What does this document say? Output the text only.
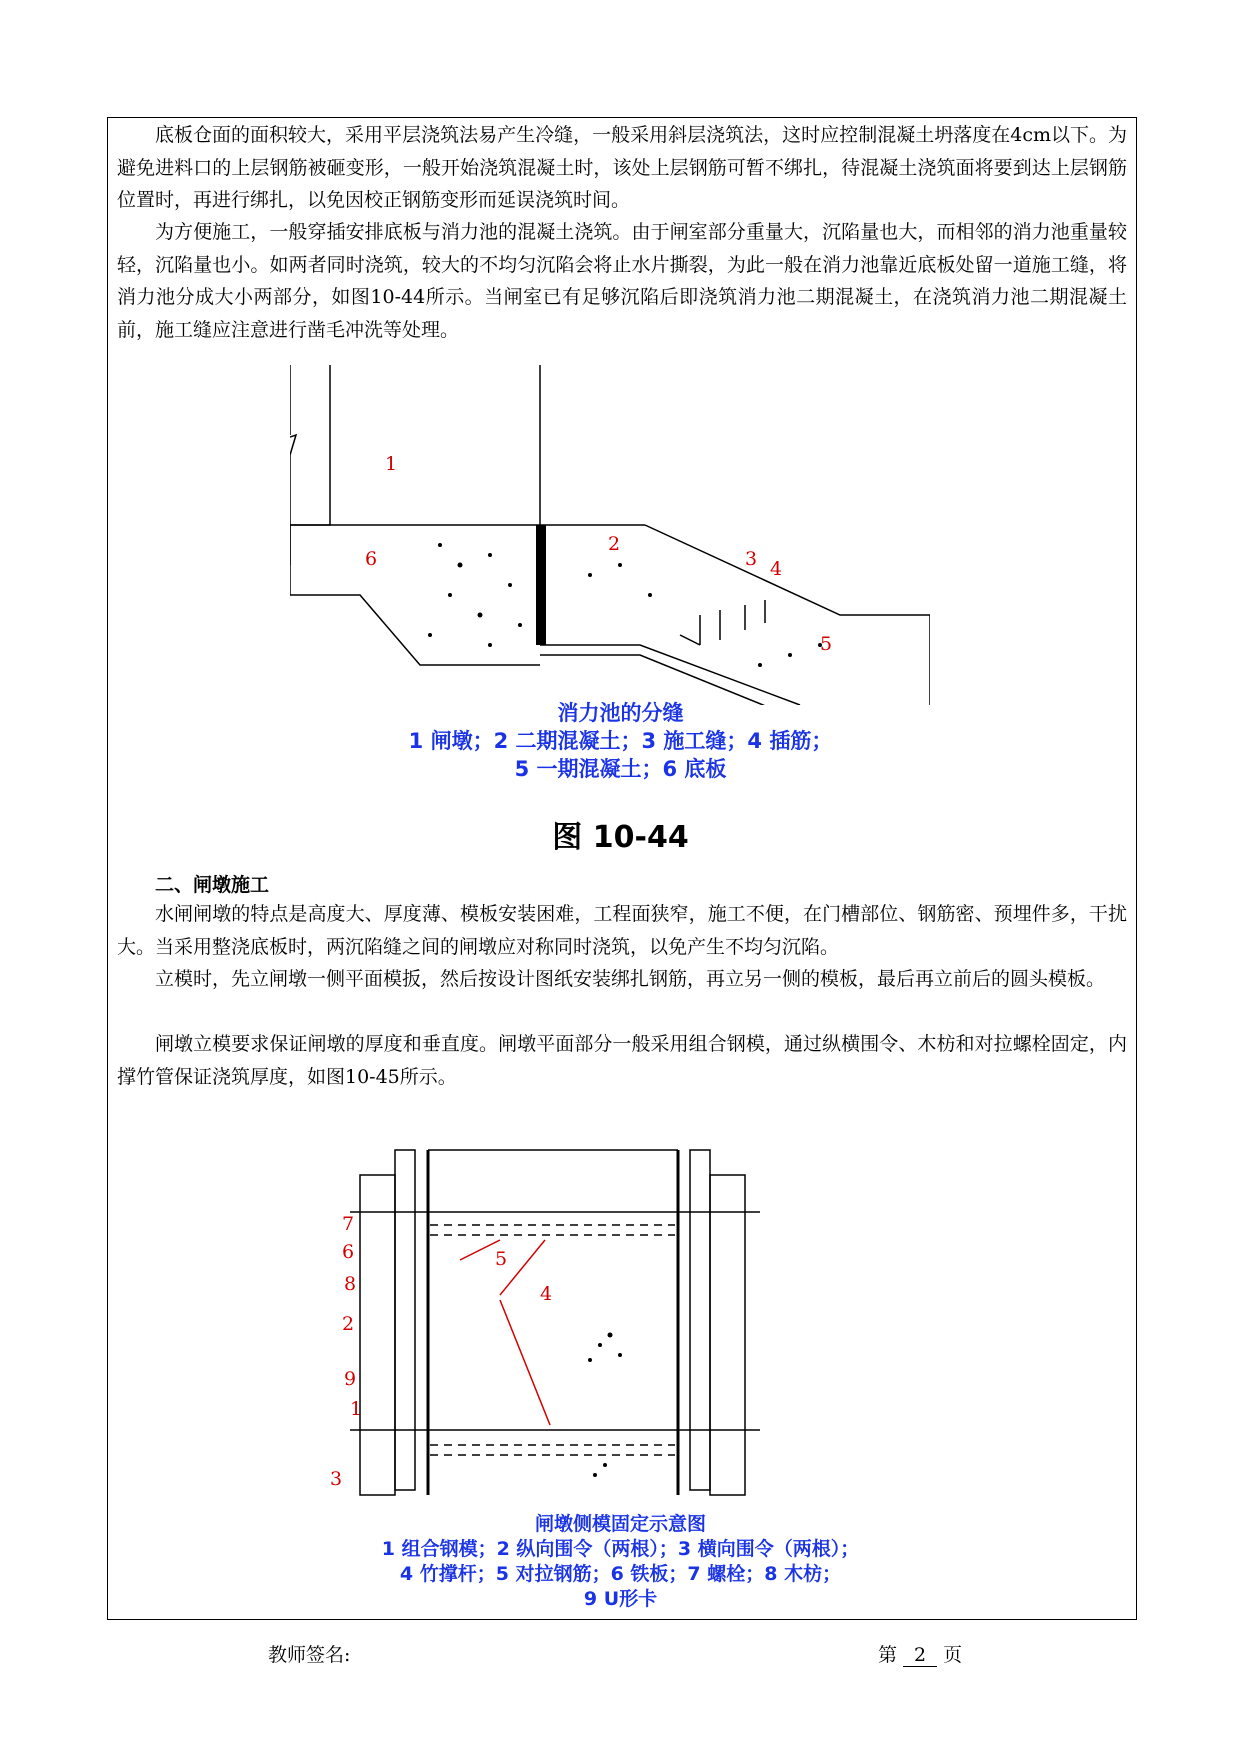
底板仓面的面积较大，采用平层浇筑法易产生冷缝，一般采用斜层浇筑法，这时应控制混凝土坍落度在4cm以下。为避免进料口的上层钢筋被砸变形，一般开始浇筑混凝土时，该处上层钢筋可暂不绑扎，待混凝土浇筑面将要到达上层钢筋位置时，再进行绑扎，以免因校正钢筋变形而延误浇筑时间。

为方便施工，一般穿插安排底板与消力池的混凝土浇筑。由于闸室部分重量大，沉陷量也大，而相邻的消力池重量较轻，沉陷量也小。如两者同时浇筑，较大的不均匀沉陷会将止水片撕裂，为此一般在消力池靠近底板处留一道施工缝，将消力池分成大小两部分，如图10-44所示。当闸室已有足够沉陷后即浇筑消力池二期混凝土，在浇筑消力池二期混凝土前，施工缝应注意进行凿毛冲洗等处理。

1
2
3 4
5
6
消力池的分缝
1 闸墩；2 二期混凝土；3 施工缝；4 插筋；
5 一期混凝土；6 底板
图 10-44

二、闸墩施工

水闸闸墩的特点是高度大、厚度薄、模板安装困难，工程面狭窄，施工不便，在门槽部位、钢筋密、预埋件多，干扰大。当采用整浇底板时，两沉陷缝之间的闸墩应对称同时浇筑，以免产生不均匀沉陷。

立模时，先立闸墩一侧平面模扳，然后按设计图纸安装绑扎钢筋，再立另一侧的模板，最后再立前后的圆头模板。

闸墩立模要求保证闸墩的厚度和垂直度。闸墩平面部分一般采用组合钢模，通过纵横围令、木枋和对拉螺栓固定，内撑竹管保证浇筑厚度，如图10-45所示。

7
6
8
2
9
1
3
5
4
闸墩侧模固定示意图
1 组合钢模；2 纵向围令（两根）；3 横向围令（两根）；
4 竹撑杆；5 对拉钢筋；6 铁板；7 螺栓；8 木枋；
9 U形卡
教师签名:	第 2 页
